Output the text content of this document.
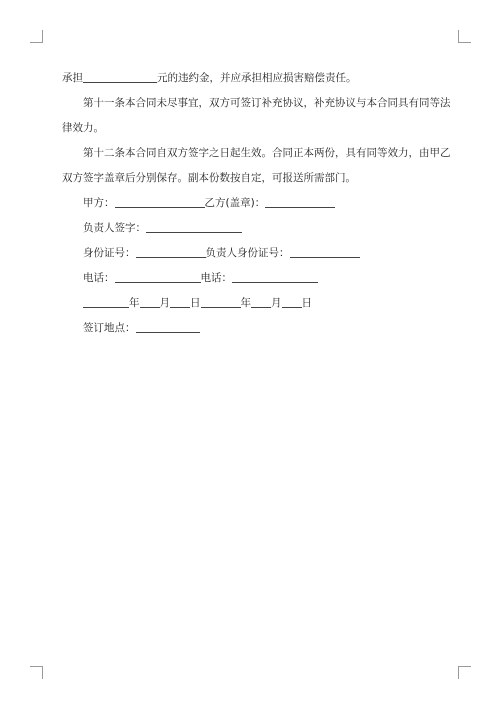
承担	元的违约金，并应承担相应损害赔偿责任。
第十一条本合同未尽事宜，双方可签订补充协议，补充协议与本合同具有同等法
律效力。
第十二条本合同自双方签字之日起生效。合同正本两份，具有同等效力，由甲乙
双方签字盖章后分别保存。副本份数按自定，可报送所需部门。
甲方：	乙方(盖章)：
负责人签字：
身份证号：	负责人身份证号：
电话：	电话：
年 月 日	年 月 日
签订地点：
